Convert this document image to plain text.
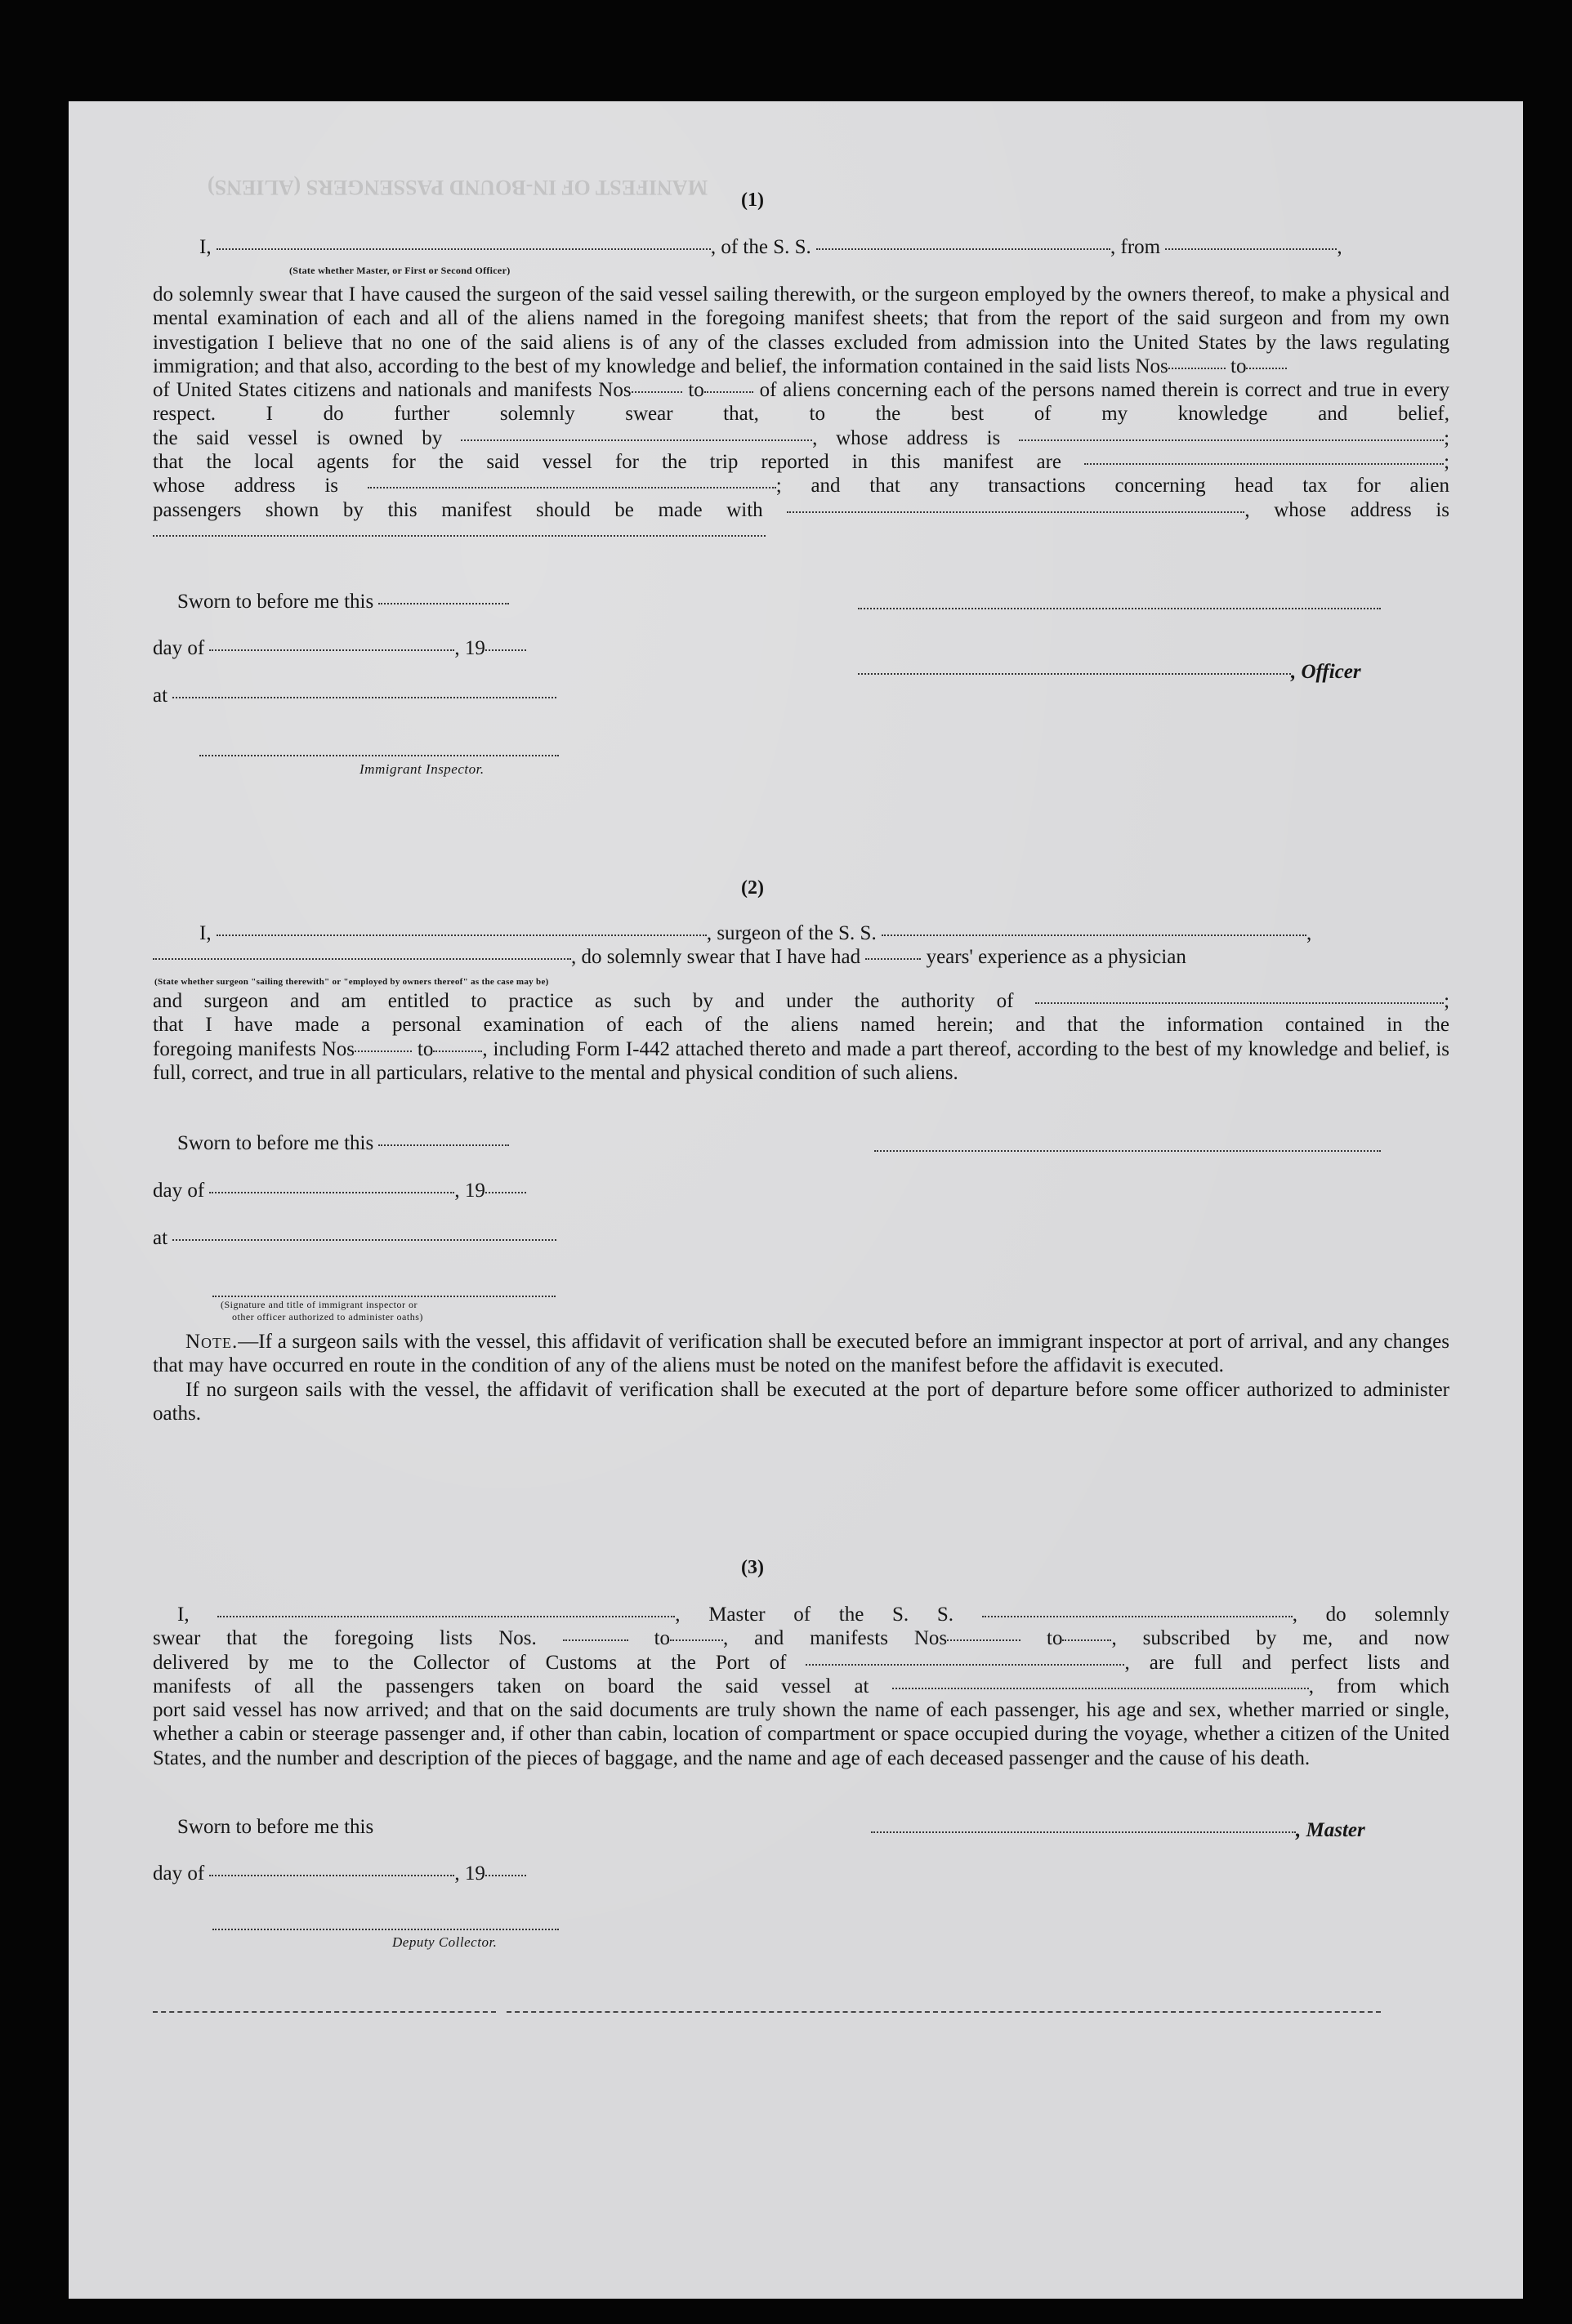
MANIFEST OF IN-BOUND PASSENGERS (ALIENS)
(1)
I,	, of the S. S.	, from	,
(State whether Master, or First or Second Officer)

do solemnly swear that I have caused the surgeon of the said vessel sailing therewith, or the surgeon employed by the owners thereof, to make a physical and mental examination of each and all of the aliens named in the foregoing manifest sheets; that from the report of the said surgeon and from my own investigation I believe that no one of the said aliens is of any of the classes excluded from admission into the United States by the laws regulating immigration; and that also, according to the best of my knowledge and belief, the information contained in the said lists Nos	to

of United States citizens and nationals and manifests Nos	to	of aliens concerning each of the persons named therein is correct and true in every respect. I do further solemnly swear that, to the best of my knowledge and belief,

the said vessel is owned by	, whose address is	;

that the local agents for the said vessel for the trip reported in this manifest are	;

whose address is	; and that any transactions concerning head tax for alien

passengers shown by this manifest should be made with	, whose address is

Sworn to before me this
day of	, 19
at
, Officer
Immigrant Inspector.
(2)
I,	, surgeon of the S. S.	,
, do solemnly swear that I have had	years' experience as a physician
(State whether surgeon "sailing therewith" or "employed by owners thereof" as the case may be)

and surgeon and am entitled to practice as such by and under the authority of	;

that I have made a personal examination of each of the aliens named herein; and that the information contained in the

foregoing manifests Nos	to , including Form I-442 attached thereto and made a part thereof, according to the best of my knowledge and belief, is full, correct, and true in all particulars, relative to the mental and physical condition of such aliens.

Sworn to before me this
day of	, 19
at
(Signature and title of immigrant inspector or
other officer authorized to administer oaths)

Note.—If a surgeon sails with the vessel, this affidavit of verification shall be executed before an immigrant inspector at port of arrival, and any changes that may have occurred en route in the condition of any of the aliens must be noted on the manifest before the affidavit is executed.

If no surgeon sails with the vessel, the affidavit of verification shall be executed at the port of departure before some officer authorized to administer oaths.

(3)

I,	, Master of the S. S.	, do solemnly

swear that the foregoing lists Nos.	to	, and manifests Nos	to , subscribed by me, and now

delivered by me to the Collector of Customs at the Port of	, are full and perfect lists and

manifests of all the passengers taken on board the said vessel at	, from which

port said vessel has now arrived; and that on the said documents are truly shown the name of each passenger, his age and sex, whether married or single, whether a cabin or steerage passenger and, if other than cabin, location of compartment or space occupied during the voyage, whether a citizen of the United States, and the number and description of the pieces of baggage, and the name and age of each deceased passenger and the cause of his death.

Sworn to before me this	, Master
day of	, 19
Deputy Collector.
